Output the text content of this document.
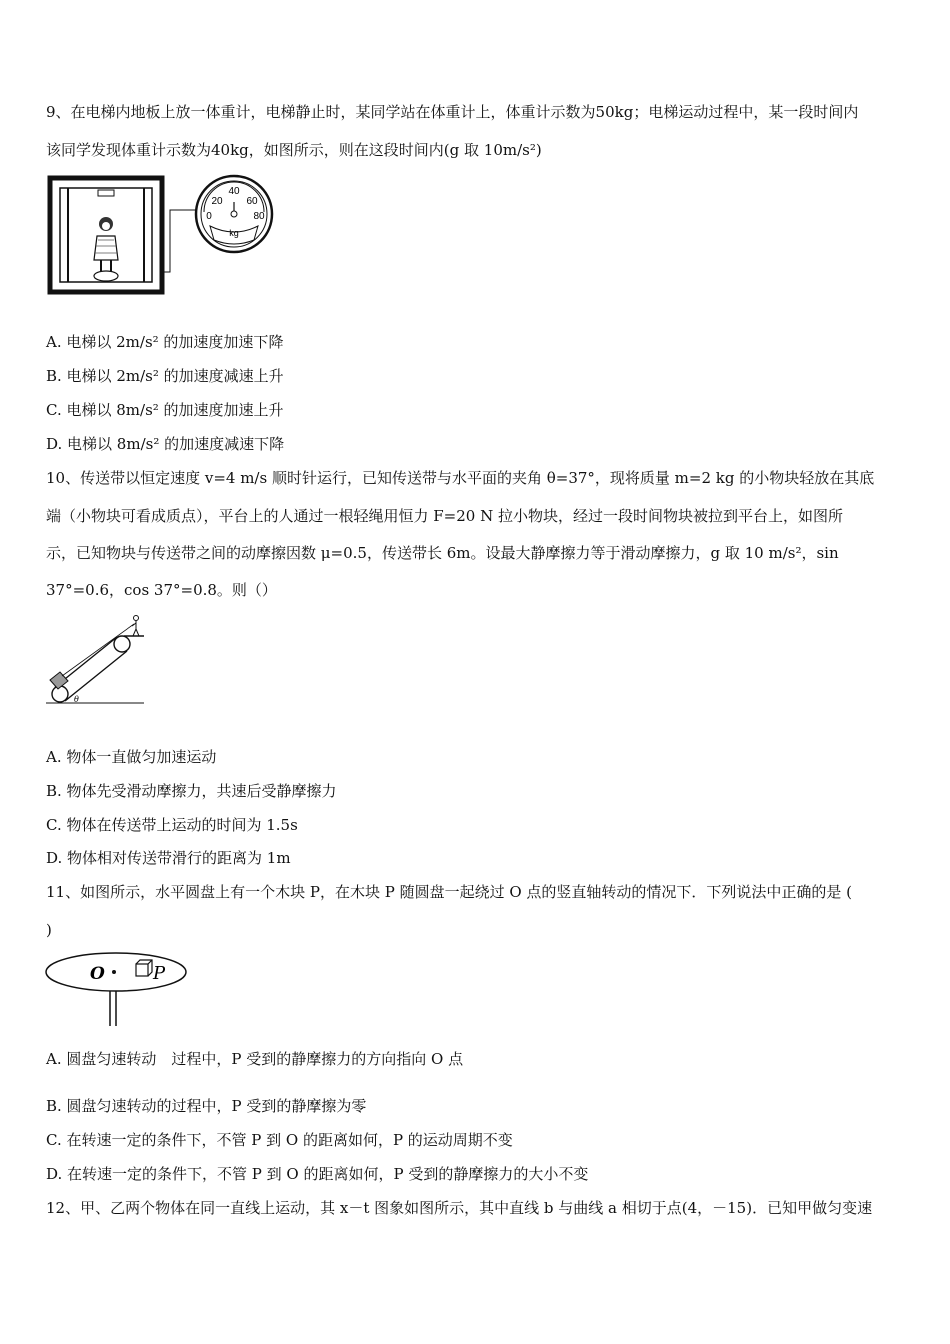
9、在电梯内地板上放一体重计，电梯静止时，某同学站在体重计上，体重计示数为50kg；电梯运动过程中，某一段时间内
该同学发现体重计示数为40kg，如图所示，则在这段时间内(g 取 10m/s²)
40
20 60
0	80
kg
A. 电梯以 2m/s² 的加速度加速下降
B. 电梯以 2m/s² 的加速度减速上升
C. 电梯以 8m/s² 的加速度加速上升
D. 电梯以 8m/s² 的加速度减速下降
10、传送带以恒定速度 v=4 m/s 顺时针运行，已知传送带与水平面的夹角 θ=37°，现将质量 m=2 kg 的小物块轻放在其底
端（小物块可看成质点），平台上的人通过一根轻绳用恒力 F=20 N 拉小物块，经过一段时间物块被拉到平台上，如图所
示，已知物块与传送带之间的动摩擦因数 μ=0.5，传送带长 6m。设最大静摩擦力等于滑动摩擦力，g 取 10 m/s²，sin
37°=0.6，cos 37°=0.8。则（）
θ
A. 物体一直做匀加速运动
B. 物体先受滑动摩擦力，共速后受静摩擦力
C. 物体在传送带上运动的时间为 1.5s
D. 物体相对传送带滑行的距离为 1m
11、如图所示，水平圆盘上有一个木块 P，在木块 P 随圆盘一起绕过 O 点的竖直轴转动的情况下．下列说法中正确的是 (
)
O	P
A. 圆盘匀速转动　过程中，P 受到的静摩擦力的方向指向 O 点
B. 圆盘匀速转动的过程中，P 受到的静摩擦为零
C. 在转速一定的条件下，不管 P 到 O 的距离如何，P 的运动周期不变
D. 在转速一定的条件下，不管 P 到 O 的距离如何，P 受到的静摩擦力的大小不变
12、甲、乙两个物体在同一直线上运动，其 x－t 图象如图所示，其中直线 b 与曲线 a 相切于点(4，－15)．已知甲做匀变速
